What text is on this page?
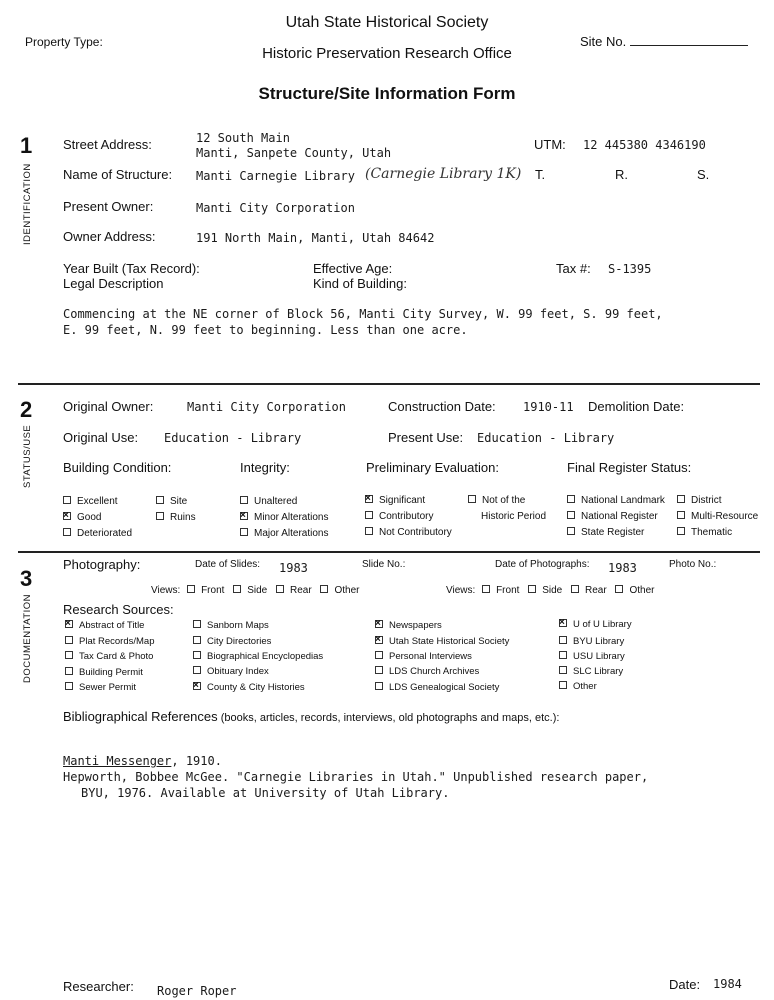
Utah State Historical Society
Property Type:
Historic Preservation Research Office
Site No.
Structure/Site Information Form
1
IDENTIFICATION
Street Address:	12 South Main
Manti, Sanpete County, Utah
UTM: 12 445380 4346190
Name of Structure: Manti Carnegie Library (Carnegie Library 1K) T.	R.	S.
Present Owner:	Manti City Corporation
Owner Address:	191 North Main, Manti, Utah 84642
Year Built (Tax Record):	Effective Age:	Tax #: S-1395
Legal Description	Kind of Building:
Commencing at the NE corner of Block 56, Manti City Survey, W. 99 feet, S. 99 feet,
E. 99 feet, N. 99 feet to beginning. Less than one acre.
2
STATUS/USE
Original Owner:	Manti City Corporation	Construction Date: 1910-11 Demolition Date:
Original Use: Education - Library	Present Use: Education - Library
Building Condition:	Integrity:	Preliminary Evaluation:	Final Register Status:
Excellent
×Good
Deteriorated
Site
Ruins
Unaltered
×Minor Alterations
Major Alterations
×Significant
Contributory
Not Contributory
Not of the
Historic Period
National Landmark
National Register
State Register
District
Multi-Resource
Thematic
3
DOCUMENTATION
Photography:	Date of Slides: 1983	Slide No.:	Date of Photographs: 1983	Photo No.:
Views: Front Side Rear Other	Views: Front Side Rear Other
Research Sources:
×Abstract of Title
Plat Records/Map
Tax Card & Photo
Building Permit
Sewer Permit
Sanborn Maps
City Directories
Biographical Encyclopedias
Obituary Index
×County & City Histories
×Newspapers
×Utah State Historical Society
Personal Interviews
LDS Church Archives
LDS Genealogical Society
×U of U Library
BYU Library
USU Library
SLC Library
Other
Bibliographical References (books, articles, records, interviews, old photographs and maps, etc.):
Manti Messenger, 1910.
Hepworth, Bobbee McGee. "Carnegie Libraries in Utah." Unpublished research paper,
BYU, 1976. Available at University of Utah Library.
Researcher: Roger Roper	Date: 1984
